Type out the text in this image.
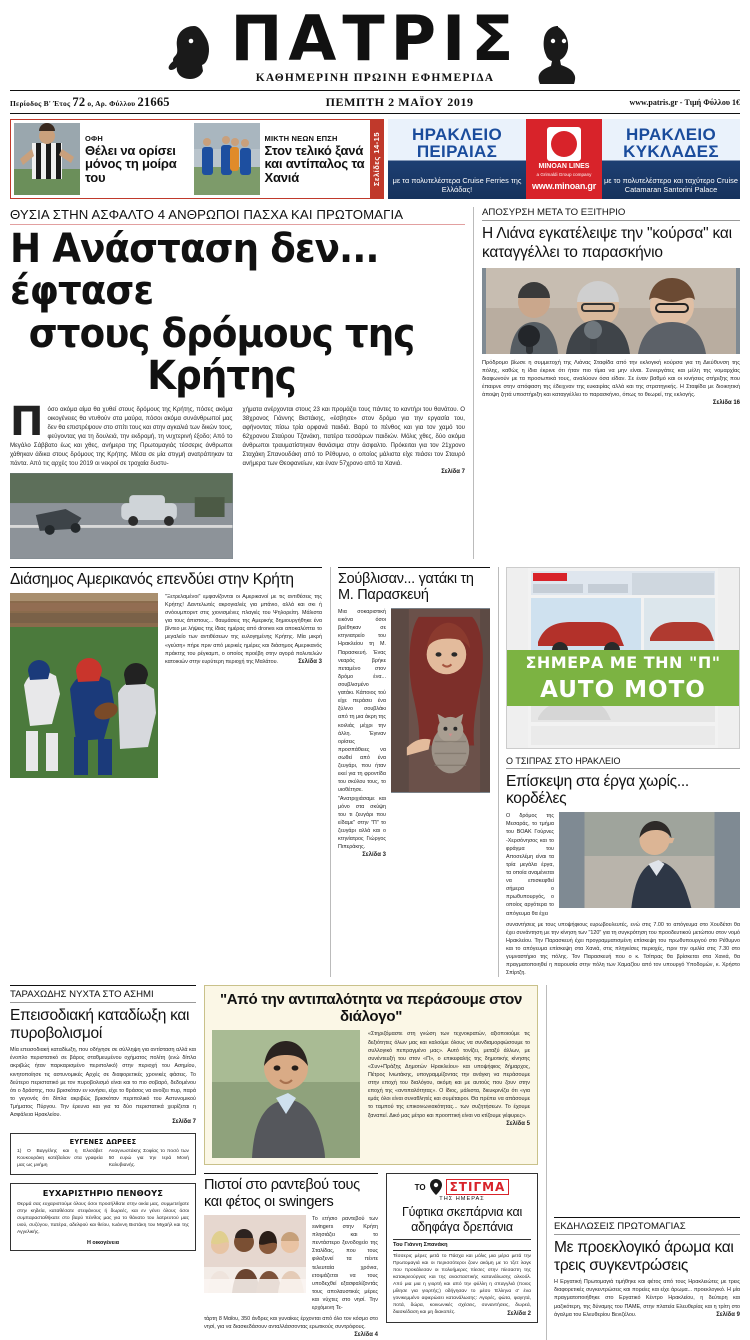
ΠΑΤΡΙΣ
ΚΑΘΗΜΕΡΙΝΗ ΠΡΩΙΝΗ ΕΦΗΜΕΡΙΔΑ
Περίοδος Β' Έτος 72 ο, Αρ. Φύλλου 21665	ΠΕΜΠΤΗ 2 ΜΑΪΟΥ 2019	www.patris.gr - Τιμή Φύλλου 1€
ΟΦΗ
Θέλει να ορίσει μόνος τη μοίρα του
ΜΙΚΤΗ ΝΕΩΝ ΕΠΣΗ
Στον τελικό ξανά και αντίπαλος τα Χανιά	Σελίδες 14-15	ΗΡΑΚΛΕΙΟ ΠΕΙΡΑΙΑΣ
με τα πολυτελέστερα Cruise Ferries της Ελλάδας!
MINOAN LINES
a Grimaldi Group company
www.minoan.gr
ΗΡΑΚΛΕΙΟ ΚΥΚΛΑΔΕΣ
με το πολυτελέστερο και ταχύτερο Cruise Catamaran Santorini Palace
ΘΥΣΙΑ ΣΤΗΝ ΑΣΦΑΛΤΟ 4 ΑΝΘΡΩΠΟΙ ΠΑΣΧΑ ΚΑΙ ΠΡΩΤΟΜΑΓΙΑ
Η Ανάσταση δεν... έφτασε
στους δρόμους της Κρήτης
Πόσο ακόμα αίμα θα χυθεί στους δρόμους της Κρήτης, πόσες ακόμα οικογένειες θα ντυθούν στα μαύρα, πόσοι ακόμα συνάνθρωποί μας δεν θα επιστρέψουν στο σπίτι τους και στην αγκαλιά των δικών τους, φεύγοντας για τη δουλειά, την εκδρομή, τη νυχτερινή έξοδο; Από το Μεγάλο Σάββατο έως και χθες, ανήμερα της Πρωτομαγιάς τέσσερις άνθρωποι χάθηκαν άδικα στους δρόμους της Κρήτης. Μέσα σε μία στιγμή ανατράπηκαν τα πάντα. Από τις αρχές του 2019 οι νεκροί σε τροχαία δυστυ-
χήματα ανέρχονται στους 23 και προμάζει τους πάντες το καντήρι του θανάτου. Ο 38χρονος Γιάννης Βιστάκης, «έσβησε» στον δρόμο για την εργασία του, αφήνοντας πίσω τρία ορφανά παιδιά. Βαρύ το πένθος και για τον χαμό του 62χρονου Σταύρου Τζανάκη, πατέρα τεσσάρων παιδιών. Μόλις χθες, δύο ακόμα άνθρωποι τραυματίστηκαν θανάσιμα στην άσφαλτο. Πρόκειται για τον 21χρονο Σταχάκη Σπανουδάκη από το Ρέθυμνο, ο οποίος μάλιστα είχε πιάσει τον Σταυρό ανήμερα των Θεοφανείων, και έναν 57χρονο από τα Χανιά.
Σελίδα 7
ΑΠΟΣΥΡΣΗ ΜΕΤΑ ΤΟ ΕΞΙΤΗΡΙΟ
Η Λιάνα εγκατέλειψε την "κούρσα" και καταγγέλλει το παρασκήνιο
Πρόδρομο βίωσε η συμμετοχή της Λιάνας Σταφίδα από την εκλογική κούρσα για τη Διεύθυνση της πόλης, καθώς η ίδια έκρινε ότι ήταν πιο τίμια να μην είναι. Συνεργάτες και μέλη της νομαρχίας διαφωνούν με τα προσωπικά τους, αναλύουν όσα είδαν. Σε έναν βαθμό και οι κινήσεις στήριξης που έπαιρνε στην απόφαση της έδειχναν της ευκαιρίας αλλά και της στρατηγικής. Η Σταφίδα με διοικητική άποψη ζητά υποστήριξη και καταγγέλλει το παρασκήνιο, όπως το θεωρεί, της εκλογής.
Σελίδα 16
Διάσημος Αμερικανός επενδύει στην Κρήτη
"Ξετρελαμένοι" εμφανίζονται οι Αμερικανοί με τις αντιθέσεις της Κρήτης! Δαντελωτές ακρογιαλιές για μπάνιο, αλλά και σκι ή σνόουμπορντ στις χιονισμένες πλαγιές του Ψηλορείτη. Μάλιστα για τους άπιστους... θαυμάσεις της Αμερικής δημιουργήθηκε ένα βίντεο με λήψεις της ίδιας ημέρας από drones και αποκαλύπτει το μεγαλείο των αντιθέσεων της ευλογημένης Κρήτης. Μία μικρή «γεύση» πήρε πριν από μερικές ημέρες και διάσημος Αμερικανός πράκτης του ρέγκαμπ, ο οποίος προέβη στην αγορά πολυτελών κατοικιών στην ευρύτερη περιοχή της Μαλάτου.	Σελίδα 3
Σούβλισαν... γατάκι τη Μ. Παρασκευή
Μια σοκαριστική εικόνα όσοι βρέθηκαν σε κτηνιατρείο του Ηρακλείου τη Μ. Παρασκευή. Ένας νεαρός βρήκε πεταμένο στον δρόμο ένα... σουβλισμένο γατάκι. Κάποιος τού είχε περάσει ένα ξύλινο σουβλάκι από τη μια άκρη της κοιλιάς μέχρι την άλλη. Έγιναν ορίσεις προσπάθειες να σωθεί από ένα ζευγάρι, που ήταν εκεί για τη φροντίδα του σκύλου τους, το υιοθέτησε. "Ανατριχιάσαμε και μόνο στα σκύψη του τι ζευγάρι που είδαμε" στην "Π" το ζευγάρι αλλά και ο κτηνίατρος Γιώργος Πιπεράκης.
Σελίδα 3
ΣΗΜΕΡΑ ΜΕ ΤΗΝ "Π"
AUTO MOTO
Ο ΤΣΙΠΡΑΣ ΣΤΟ ΗΡΑΚΛΕΙΟ
Επίσκεψη στα έργα χωρίς... κορδέλες
Ο δρόμος της Μεσαράς, το τμήμα του ΒΟΑΚ Γούρνες -Χερσόνησος και το φράγμα του Αποσελέμη είναι τα τρία μεγάλα έργα, τα οποία αναμένεται να επισκεφθεί σήμερα ο πρωθυπουργός, ο οποίος αργότερα το απόγευμα θα έχει
συναντήσεις με τους υποψήφιους ευρωβουλευτές, ενώ στις 7.00 το απόγευμα στο Χουδέτσι θα έχει συνάντηση με την κίνηση των "120" για τη συγκρότηση του προοδευτικού μετώπου στον νομό Ηρακλείου. Την Παρασκευή έχει προγραμματισμένη επίσκεψη του πρωθυπουργού στο Ρέθυμνο και το απόγευμα επίσκεψη στα Χανιά, στις πληγείσες περιοχές, πριν την ομιλία στις 7.30 στο γυμναστήριο της πόλης. Τον Παρασκευή που ο κ. Τσίπρας θα βρίσκεται στα Χανιά, θα πραγματοποιηθεί η παρουσία στην πόλη των Χαμαζίου από τον υπουργό Υποδομών, κ. Χρήστο Σπίρτζη.
ΤΑΡΑΧΩΔΗΣ ΝΥΧΤΑ ΣΤΟ ΑΣΗΜΙ
Επεισοδιακή καταδίωξη και πυροβολισμοί
Μία επεισοδιακή καταδίωξη, που οδήγησε σε σύλληψη για αντίσταση αλλά και ένοπλο περιστατικό σε βάρος σταθμευμένου οχήματος πολίτη (ενώ δίπλα ακριβώς ήταν παρκαρισμένο περιπολικό) στην περιοχή του Ασημίου, κινητοποίησε τις αστυνομικές Αρχές σε διαφορετικές χρονικές φάσεις. Το δεύτερο περιστατικό με τον πυροβολισμό είναι και το πιο σοβαρό, δεδομένου ότι ο δράστης, που βρισκόταν εν κινήσει, είχε το θράσος να ανοίξει πυρ, παρά το γεγονός ότι δίπλα ακριβώς βρισκόταν περιπολικό του Αστυνομικού Τμήματος Πύργου. Την έρευνα και για τα δύο περιστατικά χειρίζεται η Ασφάλεια Ηρακλείου.
Σελίδα 7
ΕΥΓΕΝΕΣ ΔΩΡΕΕΣ
1) Ο Βαγγέλης και η Ελισάβετ Κουκουράκη κατέβαλαν στα γραφεία μας ως μνήμη
Αναγνωστάκης Σοφίας το ποσό των 50 ευρώ για την Ιερά Μονή Καλυβιανής.
ΕΥΧΑΡΙΣΤΗΡΙΟ ΠΕΝΘΟΥΣ
Θερμά σας ευχαριστούμε όλους όσοι προσήλθατε στην οικία μας, συμμετείχατε στην κηδεία, καταθέσατε στεφάνους ή δωρεές, και εν γένει όλους όσοι συμπαρασταθήκατε στο βαρύ πένθος μας για το θάνατο του λατρευτού μας υιού, συζύγου, πατέρα, αδελφού και θείου, Ιωάννη Βιστάκη του Μιχαήλ και της Αγγελικής.
Η οικογένεια
"Από την αντιπαλότητα να περάσουμε στον διάλογο"
«Στηριζόμαστε στη γνώση των τεχνοκρατών, αξιοποιούμε τις δεξιότητες όλων μας και καλούμε όλους να συνδιαμορφώσουμε το συλλογικό πεπραγμένο μας». Αυτό τονίζει, μεταξύ άλλων, με συνέντευξή του στον «Π», ο επικεφαλής της δημοτικής κίνησης «Συν+Πράξης Δημοτών Ηρακλείου» και υποψήφιος δήμαρχος, Πέτρος Ινιωτάκης, υπογραμμίζοντας την ανάγκη να περάσουμε στην εποχή του διαλόγου, ακόμη και με αυτούς που ζουν στην εποχή της «αντιπαλότητας». Ο ίδιος, μάλιστα, διευκρινίζει ότι «για εμάς όλοι είναι συναθλητές και συμέταιροι. Θα πρέπει να απάσουμε το ταμπού της επικοινωνιακότητας... των συζητήσεων. Το έχουμε ξαναπεί. Δικό μας μέτρο και προοπτική είναι να κτίζουμε γέφυρες».
Σελίδα 5
Πιστοί στο ραντεβού τους και φέτος οι swingers
Το ετήσιο ραντεβού των swingers στην Κρήτη πλησιάζει και το πεντάστερο ξενοδοχείο της Σταλίδας, που τους φιλοξενεί τα πέντε τελευταία χρόνια, ετοιμάζεται να τους υποδεχθεί εξασφαλίζοντάς τους απολαυστικές μέρες και νύχτες στο νησί. Την ερχόμενη Τε-
τάρτη 8 Μαΐου, 350 άνδρες και γυναίκες έρχονται από όλο τον κόσμο στο νησί, για να διασκεδάσουν ανταλλάσσοντας ερωτικούς συντρόφους.
Σελίδα 4
ΤΟ	ΣΤΙΓΜΑ
ΤΗΣ ΗΜΕΡΑΣ
Γύφτικα σκεπάρνια και αδηφάγα δρεπάνια
Του Γιάννη Σπανάκη
Τέσσερις μέρες μετά το Πάσχα και μόλις μια μέρα μετά την Πρωτομαγιά και οι περισσότεροι ζουν ακόμη με το τζετ λαγκ που προκάλεσαν οι πολυήμερες πίεσες στην πίεσαστη της κατακρεούργας και της ανασταστικής κατανάλωσης αλκοόλ. Από μια μια η γιορτή και από την φύλλη η σπαγγλιά (ποιος μίλησε για γιορτής;) οδήγησαν το μέσο Έλληνα σ' ένα γονικεμμένο αφιερώσει κατανάλωσης: Αγορές, φώτα, φαγητά, ποτά, δώρα, κοινωνικές σχέσεις, συναντήσεις, δωρεά, διασκέδαση και μη διακοπές.	Σελίδα 2
ΕΚΔΗΛΩΣΕΙΣ ΠΡΩΤΟΜΑΓΙΑΣ
Με προεκλογικό άρωμα και τρεις συγκεντρώσεις
Η Εργατική Πρωτομαγιά τιμήθηκε και φέτος από τους Ηρακλειώτες με τρεις διαφορετικές συγκεντρώσεις και πορείες και είχε άρωμα... προεκλογικό. Η μία πραγματοποιήθηκε στο Εργατικό Κέντρο Ηρακλείου, η δεύτερη και μαζικότερη, της δύναμης του ΠΑΜΕ, στην πλατεία Ελευθερίας και η τρίτη στο άγαλμα του Ελευθερίου Βενιζέλου.	Σελίδα 9
